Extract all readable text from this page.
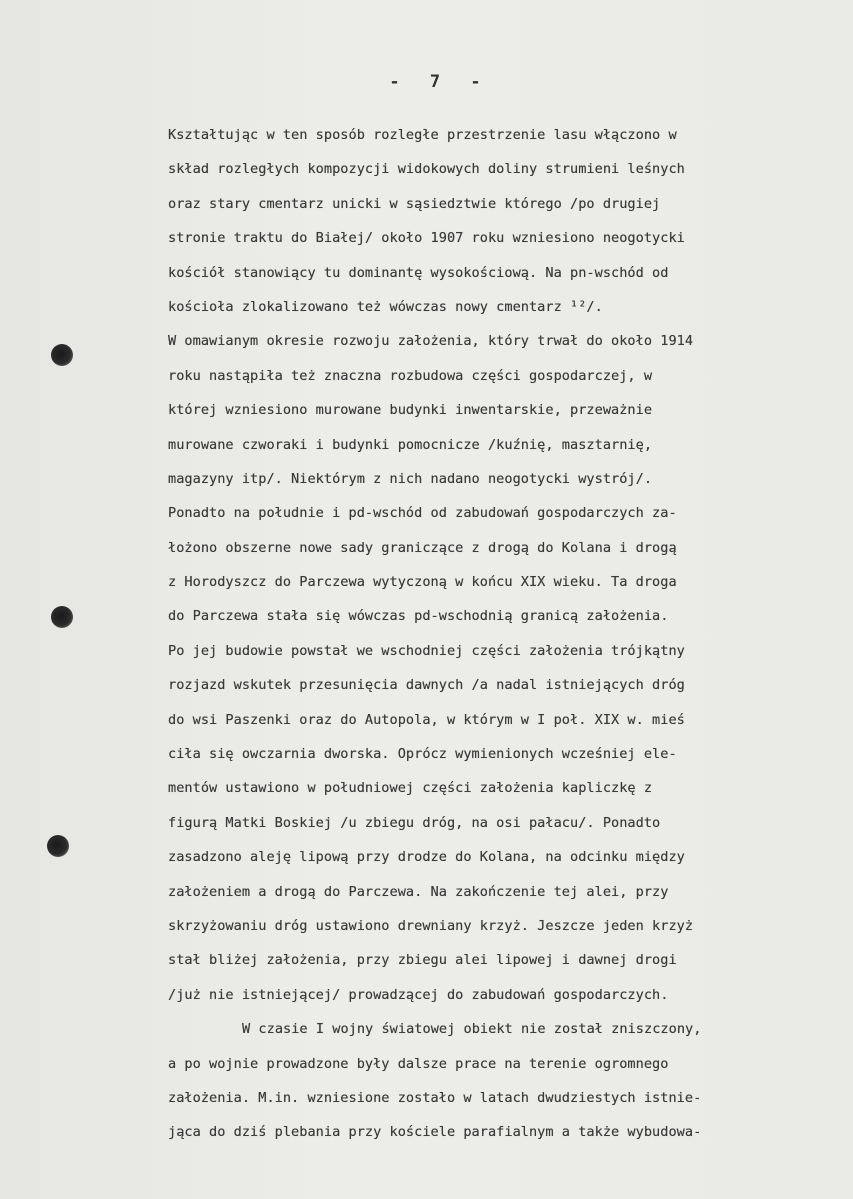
- 7 -
Kształtując w ten sposób rozległe przestrzenie lasu włączono w
skład rozległych kompozycji widokowych doliny strumieni leśnych
oraz stary cmentarz unicki w sąsiedztwie którego /po drugiej
stronie traktu do Białej/ około 1907 roku wzniesiono neogotycki
kościół stanowiący tu dominantę wysokościową. Na pn-wschód od
kościoła zlokalizowano też wówczas nowy cmentarz ¹²/.
W omawianym okresie rozwoju założenia, który trwał do około 1914
roku nastąpiła też znaczna rozbudowa części gospodarczej, w
której wzniesiono murowane budynki inwentarskie, przeważnie
murowane czworaki i budynki pomocnicze /kuźnię, masztarnię,
magazyny itp/. Niektórym z nich nadano neogotycki wystrój/.
Ponadto na południe i pd-wschód od zabudowań gospodarczych za-
łożono obszerne nowe sady graniczące z drogą do Kolana i drogą
z Horodyszcz do Parczewa wytyczoną w końcu XIX wieku. Ta droga
do Parczewa stała się wówczas pd-wschodnią granicą założenia.
Po jej budowie powstał we wschodniej części założenia trójkątny
rozjazd wskutek przesunięcia dawnych /a nadal istniejących dróg
do wsi Paszenki oraz do Autopola, w którym w I poł. XIX w. mieś
ciła się owczarnia dworska. Oprócz wymienionych wcześniej ele-
mentów ustawiono w południowej części założenia kapliczkę z
figurą Matki Boskiej /u zbiegu dróg, na osi pałacu/. Ponadto
zasadzono aleję lipową przy drodze do Kolana, na odcinku między
założeniem a drogą do Parczewa. Na zakończenie tej alei, przy
skrzyżowaniu dróg ustawiono drewniany krzyż. Jeszcze jeden krzyż
stał bliżej założenia, przy zbiegu alei lipowej i dawnej drogi
/już nie istniejącej/ prowadzącej do zabudowań gospodarczych.
W czasie I wojny światowej obiekt nie został zniszczony,
a po wojnie prowadzone były dalsze prace na terenie ogromnego
założenia. M.in. wzniesione zostało w latach dwudziestych istnie-
jąca do dziś plebania przy kościele parafialnym a także wybudowa-
